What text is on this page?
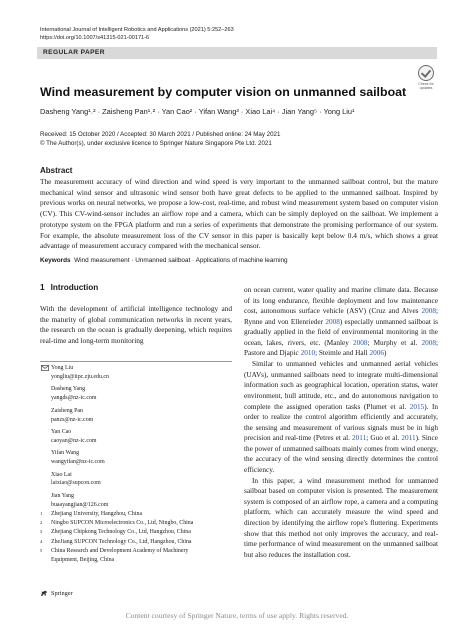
International Journal of Intelligent Robotics and Applications (2021) 5:252–263
https://doi.org/10.1007/s41315-021-00171-6
REGULAR PAPER
Check for
updates
Wind measurement by computer vision on unmanned sailboat
Dasheng Yang¹˒² · Zaisheng Pan¹˒² · Yan Cao² · Yifan Wang³ · Xiao Lai⁴ · Jian Yang⁵ · Yong Liu¹
Received: 15 October 2020 / Accepted: 30 March 2021 / Published online: 24 May 2021
© The Author(s), under exclusive licence to Springer Nature Singapore Pte Ltd. 2021
Abstract
The measurement accuracy of wind direction and wind speed is very important to the unmanned sailboat control, but the mature mechanical wind sensor and ultrasonic wind sensor both have great defects to be applied to the unmanned sailboat. Inspired by previous works on neural networks, we propose a low-cost, real-time, and robust wind measurement system based on computer vision (CV). This CV-wind-sensor includes an airflow rope and a camera, which can be simply deployed on the sailboat. We implement a prototype system on the FPGA platform and run a series of experiments that demonstrate the promising performance of our system. For example, the absolute measurement loss of the CV sensor in this paper is basically kept below 0.4 m/s, which shows a great advantage of measurement accuracy compared with the mechanical sensor.
Keywords Wind measurement · Unmanned sailboat · Applications of machine learning
1 Introduction
With the development of artificial intelligence technology and the maturity of global communication networks in recent years, the research on the ocean is gradually deepening, which requires real-time and long-term monitoring
Yong Liu
yongliu@iipc.zju.edu.cn
Dasheng Yang
yangds@nz-ic.com
Zaisheng Pan
panzs@nz-ic.com
Yan Cao
caoyan@nz-ic.com
Yifan Wang
wangyifan@nz-ic.com
Xiao Lai
laixiao@supcon.com
Jian Yang
buaayangjian@126.com
1	Zhejiang University, Hangzhou, China
2	Ningbo SUPCON Microelectronics Co., Ltd, Ningbo, China
3	Zhejiang Chipkong Technology Co., Ltd, Hangzhou, China
4	ZheJiang SUPCON Technology Co., Ltd, Hangzhou, China
5	China Research and Development Academy of Machinery
Equipment, Beijing, China

on ocean current, water quality and marine climate data. Because of its long endurance, flexible deployment and low maintenance cost, autonomous surface vehicle (ASV) (Cruz and Alves 2008; Rynne and von Ellenrieder 2008) especially unmanned sailboat is gradually applied in the field of environmental monitoring in the ocean, lakes, rivers, etc. (Manley 2008; Murphy et al. 2008; Pastore and Djapic 2010; Steimle and Hall 2006)

Similar to unmanned vehicles and unmanned aerial vehicles (UAVs), unmanned sailboats need to integrate multi-dimensional information such as geographical location, operation status, water environment, hull attitude, etc., and do autonomous navigation to complete the assigned operation tasks (Plumet et al. 2015). In order to realize the control algorithm efficiently and accurately, the sensing and measurement of various signals must be in high precision and real-time (Petres et al. 2011; Guo et al. 2011). Since the power of unmanned sailboats mainly comes from wind energy, the accuracy of the wind sensing directly determines the control efficiency.

In this paper, a wind measurement method for unmanned sailboat based on computer vision is presented. The measurement system is composed of an airflow rope, a camera and a computing platform, which can accurately measure the wind speed and direction by identifying the airflow rope's fluttering. Experiments show that this method not only improves the accuracy, and real-time performance of wind measurement on the unmanned sailboat but also reduces the installation cost.

Springer
Content courtesy of Springer Nature, terms of use apply. Rights reserved.
